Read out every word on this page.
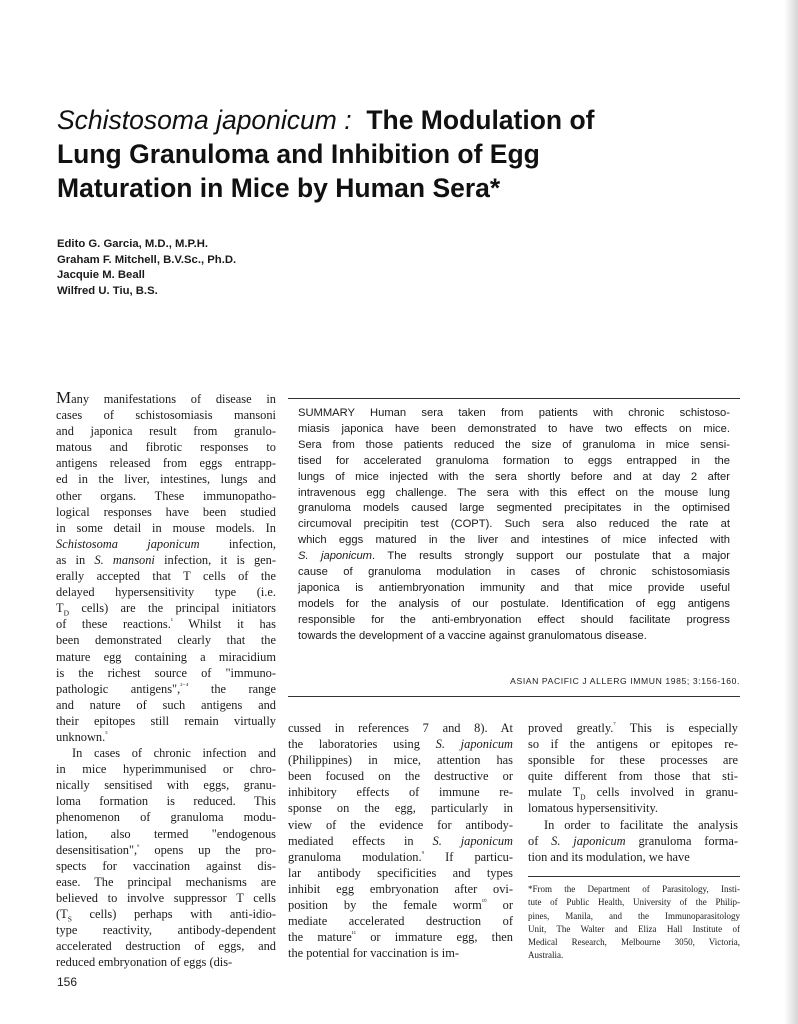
Schistosoma japonicum : The Modulation of
Lung Granuloma and Inhibition of Egg
Maturation in Mice by Human Sera*
Edito G. Garcia, M.D., M.P.H.
Graham F. Mitchell, B.V.Sc., Ph.D.
Jacquie M. Beall
Wilfred U. Tiu, B.S.
Many manifestations of disease in
cases of schistosomiasis mansoni
and japonica result from granulo-
matous and fibrotic responses to
antigens released from eggs entrapp-
ed in the liver, intestines, lungs and
other organs. These immunopatho-
logical responses have been studied
in some detail in mouse models. In
Schistosoma japonicum infection,
as in S. mansoni infection, it is gen-
erally accepted that T cells of the
delayed hypersensitivity type (i.e.
$T_D$ cells) are the principal initiators
of these reactions.$^{^1}$ Whilst it has
been demonstrated clearly that the
mature egg containing a miracidium
is the richest source of "immuno-
pathologic antigens",$^{^{2-4}}$ the range
and nature of such antigens and
their epitopes still remain virtually
unknown.$^{^5}$
In cases of chronic infection and
in mice hyperimmunised or chro-
nically sensitised with eggs, granu-
loma formation is reduced. This
phenomenon of granuloma modu-
lation, also termed "endogenous
desensitisation",$^{^6}$ opens up the pro-
spects for vaccination against dis-
ease. The principal mechanisms are
believed to involve suppressor T cells
($T_S$ cells) perhaps with anti-idio-
type reactivity, antibody-dependent
accelerated destruction of eggs, and
reduced embryonation of eggs (dis-
SUMMARY Human sera taken from patients with chronic schistoso-
miasis japonica have been demonstrated to have two effects on mice.
Sera from those patients reduced the size of granuloma in mice sensi-
tised for accelerated granuloma formation to eggs entrapped in the
lungs of mice injected with the sera shortly before and at day 2 after
intravenous egg challenge. The sera with this effect on the mouse lung
granuloma models caused large segmented precipitates in the optimised
circumoval precipitin test (COPT). Such sera also reduced the rate at
which eggs matured in the liver and intestines of mice infected with
S. japonicum. The results strongly support our postulate that a major
cause of granuloma modulation in cases of chronic schistosomiasis
japonica is antiembryonation immunity and that mice provide useful
models for the analysis of our postulate. Identification of egg antigens
responsible for the anti-embryonation effect should facilitate progress
towards the development of a vaccine against granulomatous disease.
ASIAN PACIFIC J ALLERG IMMUN 1985; 3:156-160.
cussed in references 7 and 8). At
the laboratories using S. japonicum
(Philippines) in mice, attention has
been focused on the destructive or
inhibitory effects of immune re-
sponse on the egg, particularly in
view of the evidence for antibody-
mediated effects in S. japonicum
granuloma modulation.$^{^9}$ If particu-
lar antibody specificities and types
inhibit egg embryonation after ovi-
position by the female worm$^{^{10}}$ or
mediate accelerated destruction of
the mature$^{^{11}}$ or immature egg, then
the potential for vaccination is im-
proved greatly.$^{^7}$ This is especially
so if the antigens or epitopes re-
sponsible for these processes are
quite different from those that sti-
mulate $T_D$ cells involved in granu-
lomatous hypersensitivity.
In order to facilitate the analysis
of S. japonicum granuloma forma-
tion and its modulation, we have
*From the Department of Parasitology, Insti-
tute of Public Health, University of the Philip-
pines, Manila, and the Immunoparasitology
Unit, The Walter and Eliza Hall Institute of
Medical Research, Melbourne 3050, Victoria,
Australia.
156
